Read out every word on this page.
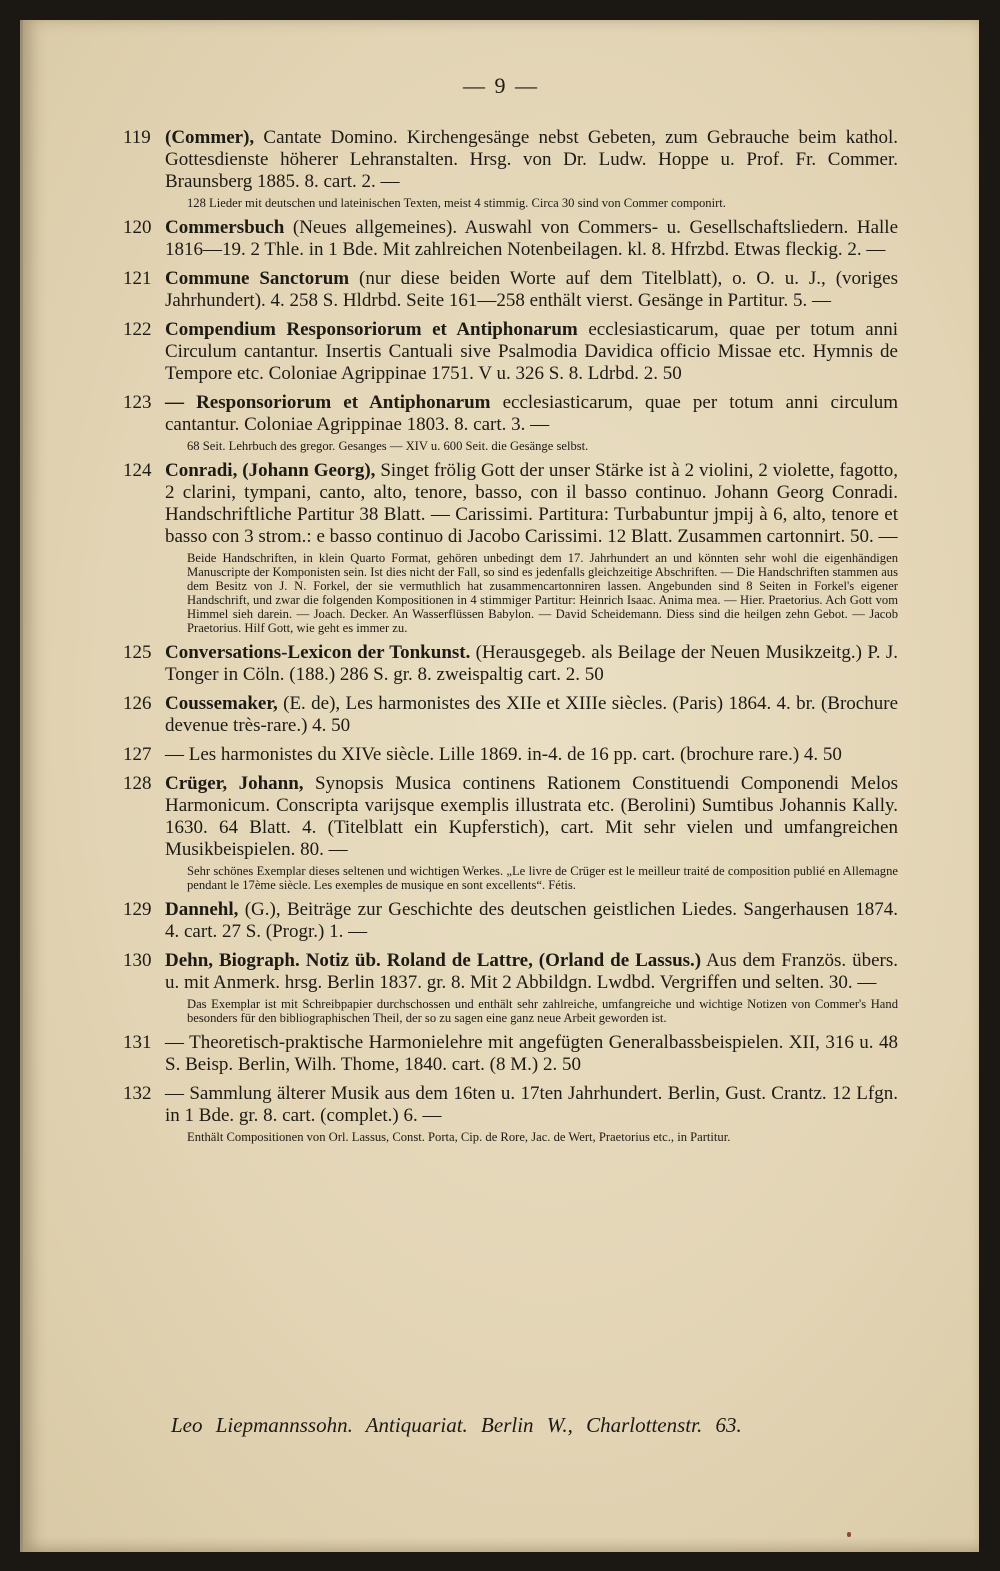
— 9 —
119 (Commer), Cantate Domino. Kirchengesänge nebst Gebeten, zum Gebrauche beim kathol. Gottesdienste höherer Lehranstalten. Hrsg. von Dr. Ludw. Hoppe u. Prof. Fr. Commer. Braunsberg 1885. 8. cart. 2. —
128 Lieder mit deutschen und lateinischen Texten, meist 4 stimmig. Circa 30 sind von Commer componirt.
120 Commersbuch (Neues allgemeines). Auswahl von Commers- u. Gesellschaftsliedern. Halle 1816—19. 2 Thle. in 1 Bde. Mit zahlreichen Notenbeilagen. kl. 8. Hfrzbd. Etwas fleckig. 2. —
121 Commune Sanctorum (nur diese beiden Worte auf dem Titelblatt), o. O. u. J., (voriges Jahrhundert). 4. 258 S. Hldrbd. Seite 161—258 enthält vierst. Gesänge in Partitur. 5. —
122 Compendium Responsoriorum et Antiphonarum ecclesiasticarum, quae per totum anni Circulum cantantur. Insertis Cantuali sive Psalmodia Davidica officio Missae etc. Hymnis de Tempore etc. Coloniae Agrippinae 1751. V u. 326 S. 8. Ldrbd. 2. 50
123 — Responsoriorum et Antiphonarum ecclesiasticarum, quae per totum anni circulum cantantur. Coloniae Agrippinae 1803. 8. cart. 3. —
68 Seit. Lehrbuch des gregor. Gesanges — XIV u. 600 Seit. die Gesänge selbst.
124 Conradi, (Johann Georg), Singet frölig Gott der unser Stärke ist à 2 violini, 2 violette, fagotto, 2 clarini, tympani, canto, alto, tenore, basso, con il basso continuo. Johann Georg Conradi. Handschriftliche Partitur 38 Blatt. — Carissimi. Partitura: Turbabuntur jmpij à 6, alto, tenore et basso con 3 strom.: e basso continuo di Jacobo Carissimi. 12 Blatt. Zusammen cartonnirt. 50. —
Beide Handschriften, in klein Quarto Format, gehören unbedingt dem 17. Jahrhundert an und könnten sehr wohl die eigenhändigen Manuscripte der Komponisten sein. Ist dies nicht der Fall, so sind es jedenfalls gleichzeitige Abschriften. — Die Handschriften stammen aus dem Besitz von J. N. Forkel, der sie vermuthlich hat zusammencartonniren lassen. Angebunden sind 8 Seiten in Forkel's eigener Handschrift, und zwar die folgenden Kompositionen in 4 stimmiger Partitur: Heinrich Isaac. Anima mea. — Hier. Praetorius. Ach Gott vom Himmel sieh darein. — Joach. Decker. An Wasserflüssen Babylon. — David Scheidemann. Diess sind die heilgen zehn Gebot. — Jacob Praetorius. Hilf Gott, wie geht es immer zu.
125 Conversations-Lexicon der Tonkunst. (Herausgegeb. als Beilage der Neuen Musikzeitg.) P. J. Tonger in Cöln. (188.) 286 S. gr. 8. zweispaltig cart. 2. 50
126 Coussemaker, (E. de), Les harmonistes des XIIe et XIIIe siècles. (Paris) 1864. 4. br. (Brochure devenue très-rare.) 4. 50
127 — Les harmonistes du XIVe siècle. Lille 1869. in-4. de 16 pp. cart. (brochure rare.) 4. 50
128 Crüger, Johann, Synopsis Musica continens Rationem Constituendi Componendi Melos Harmonicum. Conscripta varijsque exemplis illustrata etc. (Berolini) Sumtibus Johannis Kally. 1630. 64 Blatt. 4. (Titelblatt ein Kupferstich), cart. Mit sehr vielen und umfangreichen Musikbeispielen. 80. —
Sehr schönes Exemplar dieses seltenen und wichtigen Werkes. „Le livre de Crüger est le meilleur traité de composition publié en Allemagne pendant le 17ème siècle. Les exemples de musique en sont excellents“. Fétis.
129 Dannehl, (G.), Beiträge zur Geschichte des deutschen geistlichen Liedes. Sangerhausen 1874. 4. cart. 27 S. (Progr.) 1. —
130 Dehn, Biograph. Notiz üb. Roland de Lattre, (Orland de Lassus.) Aus dem Französ. übers. u. mit Anmerk. hrsg. Berlin 1837. gr. 8. Mit 2 Abbildgn. Lwdbd. Vergriffen und selten. 30. —
Das Exemplar ist mit Schreibpapier durchschossen und enthält sehr zahlreiche, umfangreiche und wichtige Notizen von Commer's Hand besonders für den bibliographischen Theil, der so zu sagen eine ganz neue Arbeit geworden ist.
131 — Theoretisch-praktische Harmonielehre mit angefügten Generalbassbeispielen. XII, 316 u. 48 S. Beisp. Berlin, Wilh. Thome, 1840. cart. (8 M.) 2. 50
132 — Sammlung älterer Musik aus dem 16ten u. 17ten Jahrhundert. Berlin, Gust. Crantz. 12 Lfgn. in 1 Bde. gr. 8. cart. (complet.) 6. —
Enthält Compositionen von Orl. Lassus, Const. Porta, Cip. de Rore, Jac. de Wert, Praetorius etc., in Partitur.
Leo Liepmannssohn. Antiquariat. Berlin W., Charlottenstr. 63.
